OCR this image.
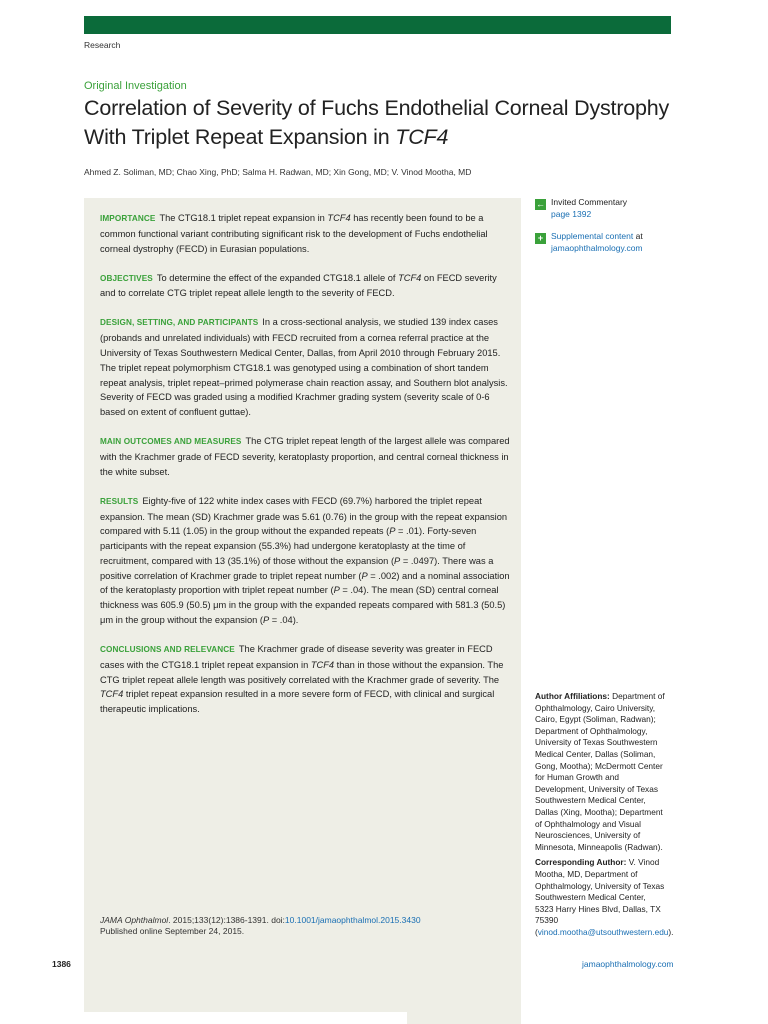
Research
Original Investigation
Correlation of Severity of Fuchs Endothelial Corneal Dystrophy With Triplet Repeat Expansion in TCF4
Ahmed Z. Soliman, MD; Chao Xing, PhD; Salma H. Radwan, MD; Xin Gong, MD; V. Vinod Mootha, MD

IMPORTANCE The CTG18.1 triplet repeat expansion in TCF4 has recently been found to be a common functional variant contributing significant risk to the development of Fuchs endothelial corneal dystrophy (FECD) in Eurasian populations.

OBJECTIVES To determine the effect of the expanded CTG18.1 allele of TCF4 on FECD severity and to correlate CTG triplet repeat allele length to the severity of FECD.

DESIGN, SETTING, AND PARTICIPANTS In a cross-sectional analysis, we studied 139 index cases (probands and unrelated individuals) with FECD recruited from a cornea referral practice at the University of Texas Southwestern Medical Center, Dallas, from April 2010 through February 2015. The triplet repeat polymorphism CTG18.1 was genotyped using a combination of short tandem repeat analysis, triplet repeat–primed polymerase chain reaction assay, and Southern blot analysis. Severity of FECD was graded using a modified Krachmer grading system (severity scale of 0-6 based on extent of confluent guttae).

MAIN OUTCOMES AND MEASURES The CTG triplet repeat length of the largest allele was compared with the Krachmer grade of FECD severity, keratoplasty proportion, and central corneal thickness in the white subset.

RESULTS Eighty-five of 122 white index cases with FECD (69.7%) harbored the triplet repeat expansion. The mean (SD) Krachmer grade was 5.61 (0.76) in the group with the repeat expansion compared with 5.11 (1.05) in the group without the expanded repeats (P = .01). Forty-seven participants with the repeat expansion (55.3%) had undergone keratoplasty at the time of recruitment, compared with 13 (35.1%) of those without the expansion (P = .0497). There was a positive correlation of Krachmer grade to triplet repeat number (P = .002) and a nominal association of the keratoplasty proportion with triplet repeat number (P = .04). The mean (SD) central corneal thickness was 605.9 (50.5) μm in the group with the expanded repeats compared with 581.3 (50.5) μm in the group without the expansion (P = .04).

CONCLUSIONS AND RELEVANCE The Krachmer grade of disease severity was greater in FECD cases with the CTG18.1 triplet repeat expansion in TCF4 than in those without the expansion. The CTG triplet repeat allele length was positively correlated with the Krachmer grade of severity. The TCF4 triplet repeat expansion resulted in a more severe form of FECD, with clinical and surgical therapeutic implications.

JAMA Ophthalmol. 2015;133(12):1386-1391. doi:10.1001/jamaophthalmol.2015.3430
Published online September 24, 2015.
← Invited Commentary
page 1392
+ Supplemental content at
jamaophthalmology.com

Author Affiliations: Department of Ophthalmology, Cairo University, Cairo, Egypt (Soliman, Radwan); Department of Ophthalmology, University of Texas Southwestern Medical Center, Dallas (Soliman, Gong, Mootha); McDermott Center for Human Growth and Development, University of Texas Southwestern Medical Center, Dallas (Xing, Mootha); Department of Ophthalmology and Visual Neurosciences, University of Minnesota, Minneapolis (Radwan).

Corresponding Author: V. Vinod Mootha, MD, Department of Ophthalmology, University of Texas Southwestern Medical Center, 5323 Harry Hines Blvd, Dallas, TX 75390 (vinod.mootha@utsouthwestern.edu).

1386	jamaophthalmology.com
